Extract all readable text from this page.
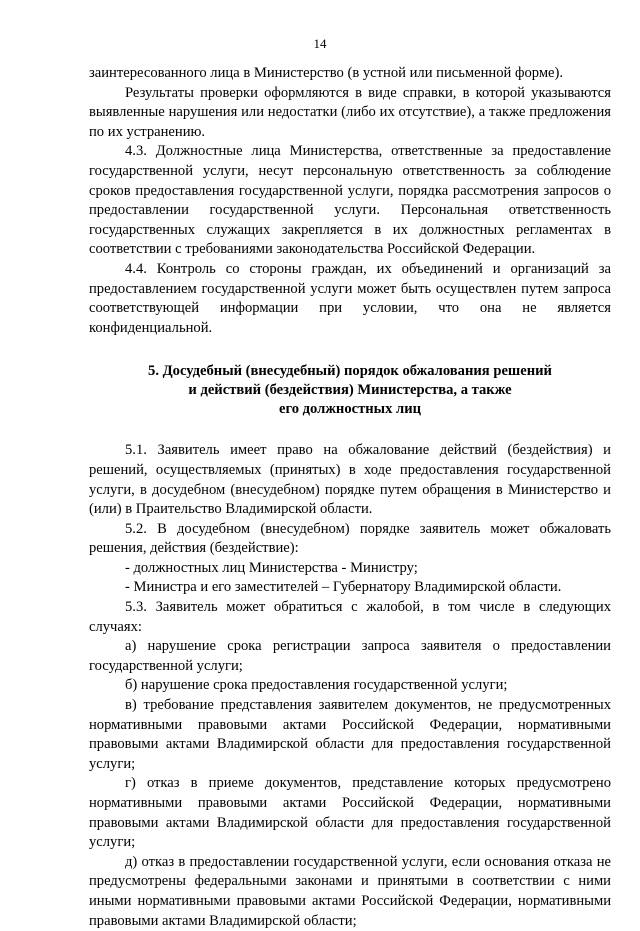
14

заинтересованного лица в Министерство (в устной или письменной форме).

Результаты проверки оформляются в виде справки, в которой указываются выявленные нарушения или недостатки (либо их отсутствие), а также предложения по их устранению.

4.3. Должностные лица Министерства, ответственные за предоставление государственной услуги, несут персональную ответственность за соблюдение сроков предоставления государственной услуги, порядка рассмотрения запросов о предоставлении государственной услуги. Персональная ответственность государственных служащих закрепляется в их должностных регламентах в соответствии с требованиями законодательства Российской Федерации.

4.4. Контроль со стороны граждан, их объединений и организаций за предоставлением государственной услуги может быть осуществлен путем запроса соответствующей информации при условии, что она не является конфиденциальной.

5. Досудебный (внесудебный) порядок обжалования решений
и действий (бездействия) Министерства, а также
его должностных лиц

5.1. Заявитель имеет право на обжалование действий (бездействия) и решений, осуществляемых (принятых) в ходе предоставления государственной услуги, в досудебном (внесудебном) порядке путем обращения в Министерство и (или) в Праительство Владимирской области.

5.2. В досудебном (внесудебном) порядке заявитель может обжаловать решения, действия (бездействие):

- должностных лиц Министерства - Министру;

- Министра и его заместителей – Губернатору Владимирской области.

5.3. Заявитель может обратиться с жалобой, в том числе в следующих случаях:

а) нарушение срока регистрации запроса заявителя о предоставлении государственной услуги;

б) нарушение срока предоставления государственной услуги;

в) требование представления заявителем документов, не предусмотренных нормативными правовыми актами Российской Федерации, нормативными правовыми актами Владимирской области для предоставления государственной услуги;

г) отказ в приеме документов, представление которых предусмотрено нормативными правовыми актами Российской Федерации, нормативными правовыми актами Владимирской области для предоставления государственной услуги;

д) отказ в предоставлении государственной услуги, если основания отказа не предусмотрены федеральными законами и принятыми в соответствии с ними иными нормативными правовыми актами Российской Федерации, нормативными правовыми актами Владимирской области;
